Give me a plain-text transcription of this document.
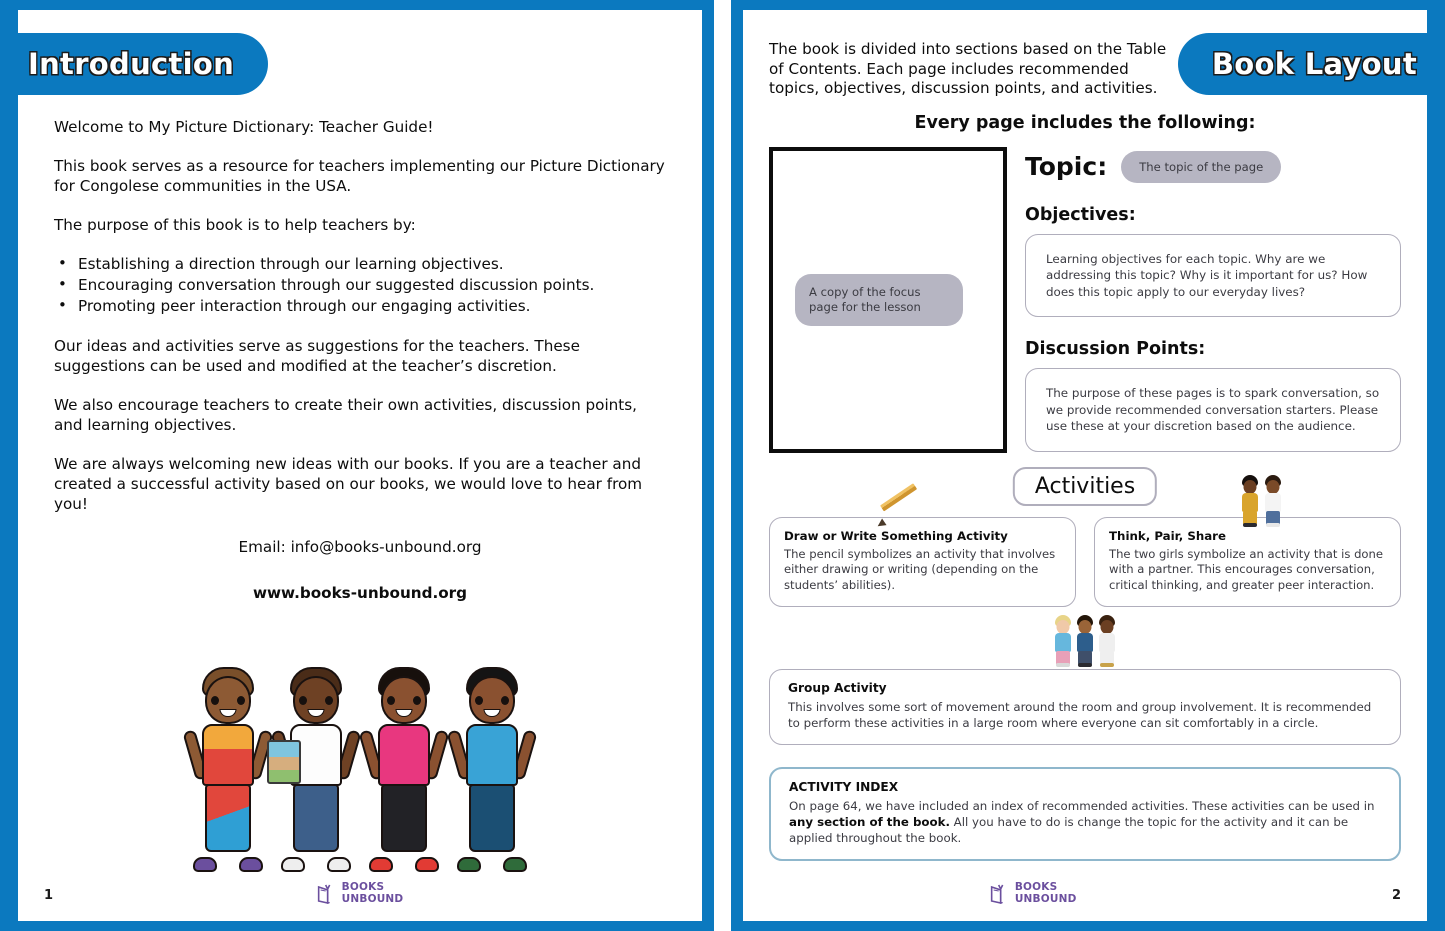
Welcome to My Picture Dictionary: Teacher Guide!

This book serves as a resource for teachers implementing our Picture Dictionary for Congolese communities in the USA.

The purpose of this book is to help teachers by:

• Establishing a direction through our learning objectives.
• Encouraging conversation through our suggested discussion points.
• Promoting peer interaction through our engaging activities.

Our ideas and activities serve as suggestions for the teachers. These suggestions can be used and modified at the teacher’s discretion.

We also encourage teachers to create their own activities, discussion points, and learning objectives.

We are always welcoming new ideas with our books. If you are a teacher and created a successful activity based on our books, we would love to hear from you!

Email: info@books-unbound.org
www.books-unbound.org
1
BOOKS
UNBOUND
Introduction	The book is divided into sections based on the Table of Contents. Each page includes recommended topics, objectives, discussion points, and activities.
Every page includes the following:
A copy of the focus page for the lesson
Topic:	The topic of the page
Objectives:
Learning objectives for each topic. Why are we addressing this topic? Why is it important for us? How does this topic apply to our everyday lives?
Discussion Points:
The purpose of these pages is to spark conversation, so we provide recommended conversation starters. Please use these at your discretion based on the audience.
Activities
Draw or Write Something Activity
The pencil symbolizes an activity that involves either drawing or writing (depending on the students’ abilities).
Think, Pair, Share
The two girls symbolize an activity that is done with a partner. This encourages conversation, critical thinking, and greater peer interaction.
Group Activity
This involves some sort of movement around the room and group involvement. It is recommended to perform these activities in a large room where everyone can sit comfortably in a circle.
ACTIVITY INDEX
On page 64, we have included an index of recommended activities. These activities can be used in any section of the book. All you have to do is change the topic for the activity and it can be applied throughout the book.
2
BOOKS
UNBOUND
Book Layout
